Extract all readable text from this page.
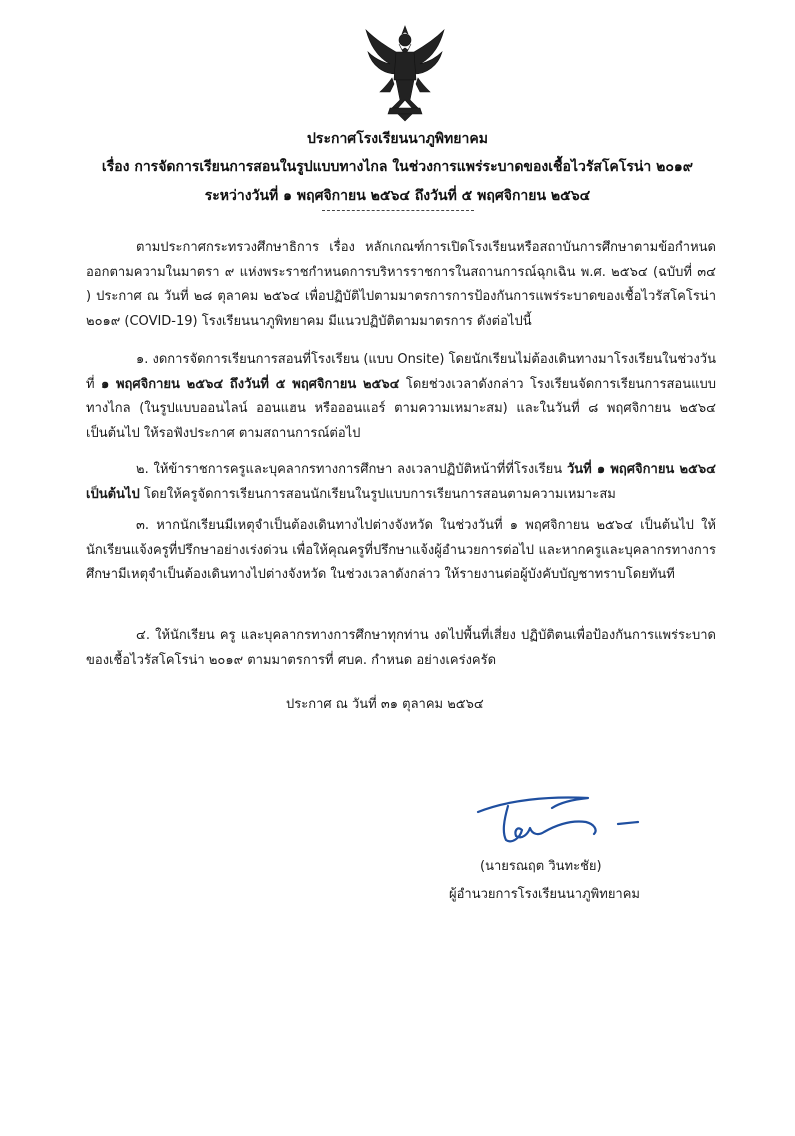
ประกาศโรงเรียนนาภูพิทยาคม
เรื่อง การจัดการเรียนการสอนในรูปแบบทางไกล ในช่วงการแพร่ระบาดของเชื้อไวรัสโคโรน่า ๒๐๑๙
ระหว่างวันที่ ๑ พฤศจิกายน ๒๕๖๔ ถึงวันที่ ๕ พฤศจิกายน ๒๕๖๔
ตามประกาศกระทรวงศึกษาธิการ เรื่อง หลักเกณฑ์การเปิดโรงเรียนหรือสถาบันการศึกษาตามข้อกำหนดออกตามความในมาตรา ๙ แห่งพระราชกำหนดการบริหารราชการในสถานการณ์ฉุกเฉิน พ.ศ. ๒๕๖๔ (ฉบับที่ ๓๔ ) ประกาศ ณ วันที่ ๒๘ ตุลาคม ๒๕๖๔ เพื่อปฏิบัติไปตามมาตรการการป้องกันการแพร่ระบาดของเชื้อไวรัสโคโรน่า ๒๐๑๙ (COVID-19) โรงเรียนนาภูพิทยาคม มีแนวปฏิบัติตามมาตรการ ดังต่อไปนี้
๑. งดการจัดการเรียนการสอนที่โรงเรียน (แบบ Onsite) โดยนักเรียนไม่ต้องเดินทางมาโรงเรียนในช่วงวันที่ ๑ พฤศจิกายน ๒๕๖๔ ถึงวันที่ ๕ พฤศจิกายน ๒๕๖๔ โดยช่วงเวลาดังกล่าว โรงเรียนจัดการเรียนการสอนแบบทางไกล (ในรูปแบบออนไลน์ ออนแฮน หรือออนแอร์ ตามความเหมาะสม) และในวันที่ ๘ พฤศจิกายน ๒๕๖๔ เป็นต้นไป ให้รอฟังประกาศ ตามสถานการณ์ต่อไป
๒. ให้ข้าราชการครูและบุคลากรทางการศึกษา ลงเวลาปฏิบัติหน้าที่ที่โรงเรียน วันที่ ๑ พฤศจิกายน ๒๕๖๔ เป็นต้นไป โดยให้ครูจัดการเรียนการสอนนักเรียนในรูปแบบการเรียนการสอนตามความเหมาะสม
๓. หากนักเรียนมีเหตุจำเป็นต้องเดินทางไปต่างจังหวัด ในช่วงวันที่ ๑ พฤศจิกายน ๒๕๖๔ เป็นต้นไป ให้นักเรียนแจ้งครูที่ปรึกษาอย่างเร่งด่วน เพื่อให้คุณครูที่ปรึกษาแจ้งผู้อำนวยการต่อไป และหากครูและบุคลากรทางการศึกษามีเหตุจำเป็นต้องเดินทางไปต่างจังหวัด ในช่วงเวลาดังกล่าว ให้รายงานต่อผู้บังคับบัญชาทราบโดยทันที
๔. ให้นักเรียน ครู และบุคลากรทางการศึกษาทุกท่าน งดไปพื้นที่เสี่ยง ปฏิบัติตนเพื่อป้องกันการแพร่ระบาดของเชื้อไวรัสโคโรน่า ๒๐๑๙ ตามมาตรการที่ ศบค. กำหนด อย่างเคร่งครัด
ประกาศ ณ วันที่ ๓๑ ตุลาคม ๒๕๖๔
(นายรณฤต วินทะชัย)
ผู้อำนวยการโรงเรียนนาภูพิทยาคม
